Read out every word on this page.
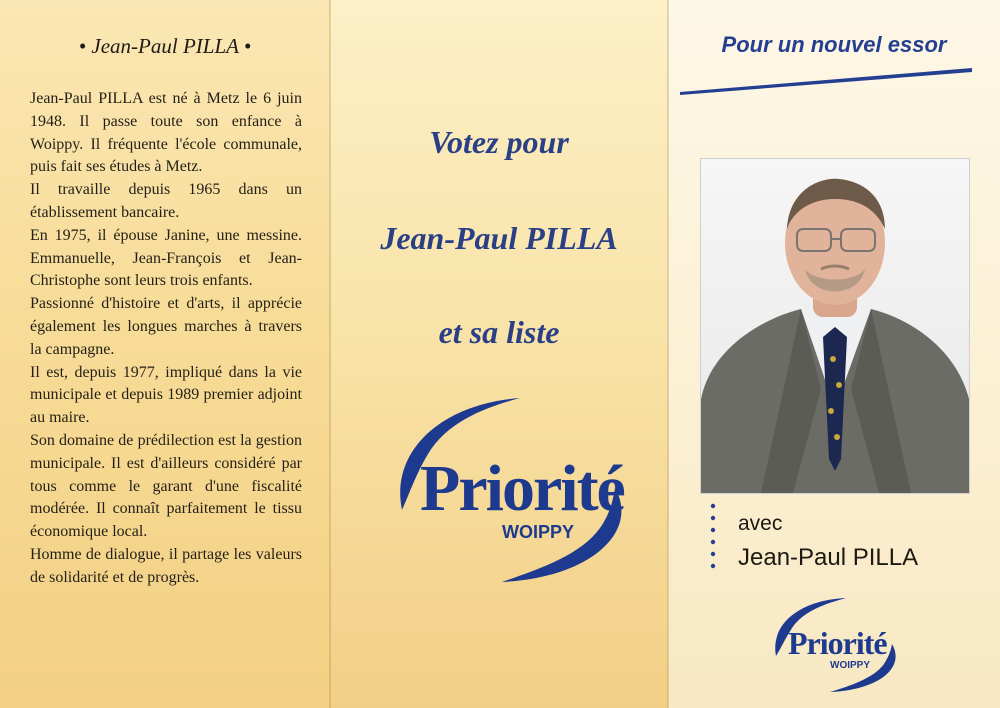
• Jean-Paul PILLA •

Jean-Paul PILLA est né à Metz le 6 juin 1948. Il passe toute son enfance à Woippy. Il fréquente l'école communale, puis fait ses études à Metz.

Il travaille depuis 1965 dans un établissement bancaire.

En 1975, il épouse Janine, une messine. Emmanuelle, Jean-François et Jean-Christophe sont leurs trois enfants.

Passionné d'histoire et d'arts, il apprécie également les longues marches à travers la campagne.

Il est, depuis 1977, impliqué dans la vie municipale et depuis 1989 premier adjoint au maire.

Son domaine de prédilection est la gestion municipale. Il est d'ailleurs considéré par tous comme le garant d'une fiscalité modérée. Il connaît parfaitement le tissu économique local.

Homme de dialogue, il partage les valeurs de solidarité et de progrès.

Votez pour
Jean-Paul PILLA
et sa liste
Priorité
WOIPPY
Pour un nouvel essor
avec
Jean-Paul PILLA
Priorité
WOIPPY
